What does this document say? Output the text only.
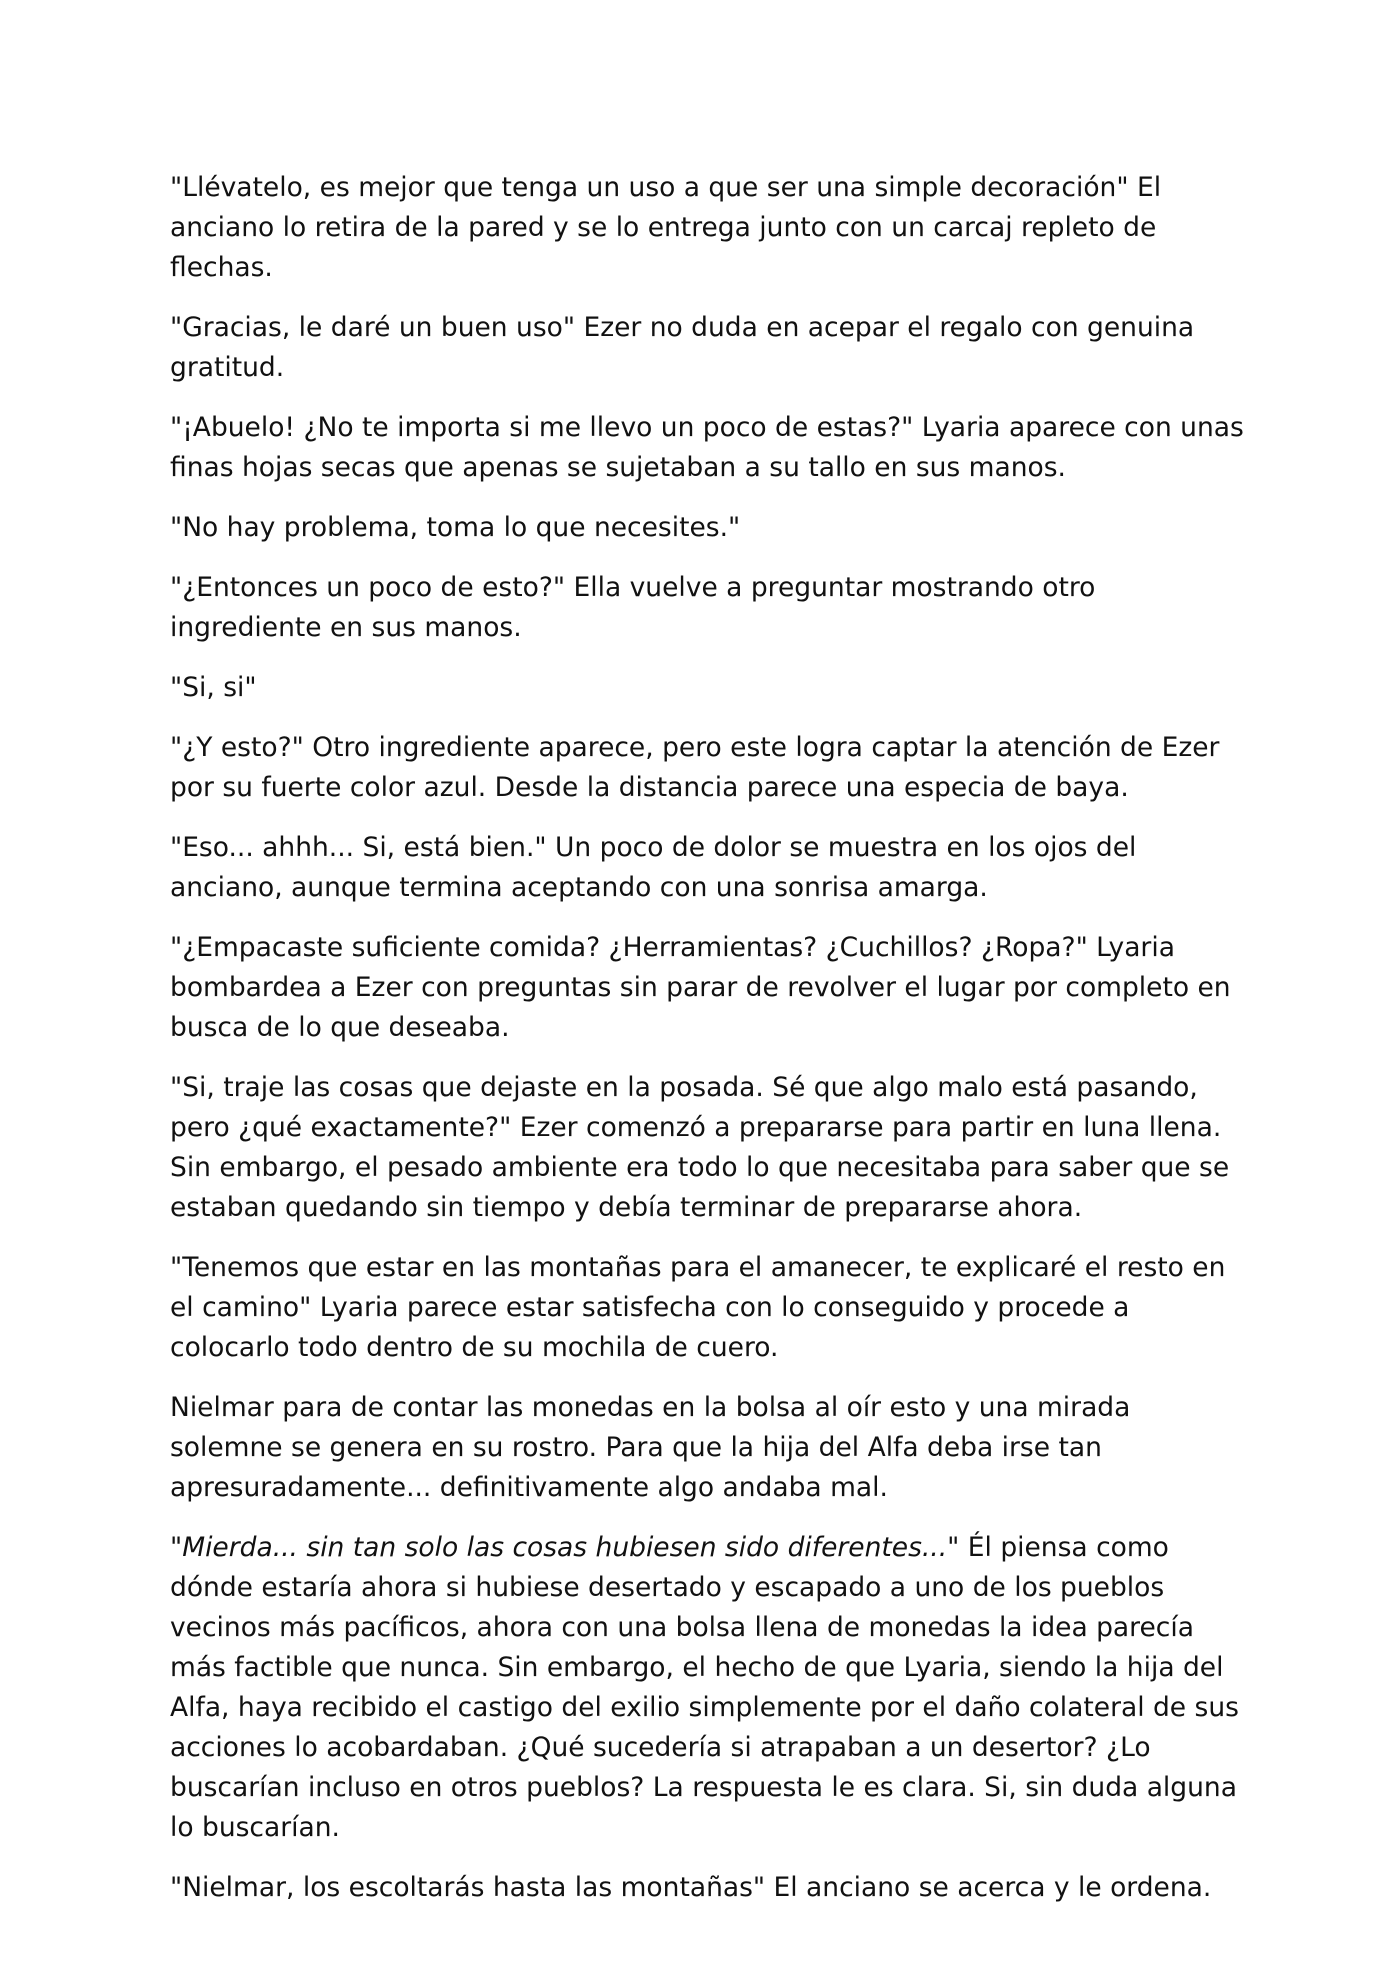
"Llévatelo, es mejor que tenga un uso a que ser una simple decoración" El anciano lo retira de la pared y se lo entrega junto con un carcaj repleto de flechas.

"Gracias, le daré un buen uso" Ezer no duda en acepar el regalo con genuina gratitud.

"¡Abuelo! ¿No te importa si me llevo un poco de estas?" Lyaria aparece con unas finas hojas secas que apenas se sujetaban a su tallo en sus manos.

"No hay problema, toma lo que necesites."

"¿Entonces un poco de esto?" Ella vuelve a preguntar mostrando otro ingrediente en sus manos.

"Si, si"

"¿Y esto?" Otro ingrediente aparece, pero este logra captar la atención de Ezer por su fuerte color azul. Desde la distancia parece una especia de baya.

"Eso... ahhh... Si, está bien." Un poco de dolor se muestra en los ojos del anciano, aunque termina aceptando con una sonrisa amarga.

"¿Empacaste suficiente comida? ¿Herramientas? ¿Cuchillos? ¿Ropa?" Lyaria bombardea a Ezer con preguntas sin parar de revolver el lugar por completo en busca de lo que deseaba.

"Si, traje las cosas que dejaste en la posada. Sé que algo malo está pasando, pero ¿qué exactamente?" Ezer comenzó a prepararse para partir en luna llena. Sin embargo, el pesado ambiente era todo lo que necesitaba para saber que se estaban quedando sin tiempo y debía terminar de prepararse ahora.

"Tenemos que estar en las montañas para el amanecer, te explicaré el resto en el camino" Lyaria parece estar satisfecha con lo conseguido y procede a colocarlo todo dentro de su mochila de cuero.

Nielmar para de contar las monedas en la bolsa al oír esto y una mirada solemne se genera en su rostro. Para que la hija del Alfa deba irse tan apresuradamente... definitivamente algo andaba mal.

"Mierda... sin tan solo las cosas hubiesen sido diferentes..." Él piensa como dónde estaría ahora si hubiese desertado y escapado a uno de los pueblos vecinos más pacíficos, ahora con una bolsa llena de monedas la idea parecía más factible que nunca. Sin embargo, el hecho de que Lyaria, siendo la hija del Alfa, haya recibido el castigo del exilio simplemente por el daño colateral de sus acciones lo acobardaban. ¿Qué sucedería si atrapaban a un desertor? ¿Lo buscarían incluso en otros pueblos? La respuesta le es clara. Si, sin duda alguna lo buscarían.

"Nielmar, los escoltarás hasta las montañas" El anciano se acerca y le ordena.
